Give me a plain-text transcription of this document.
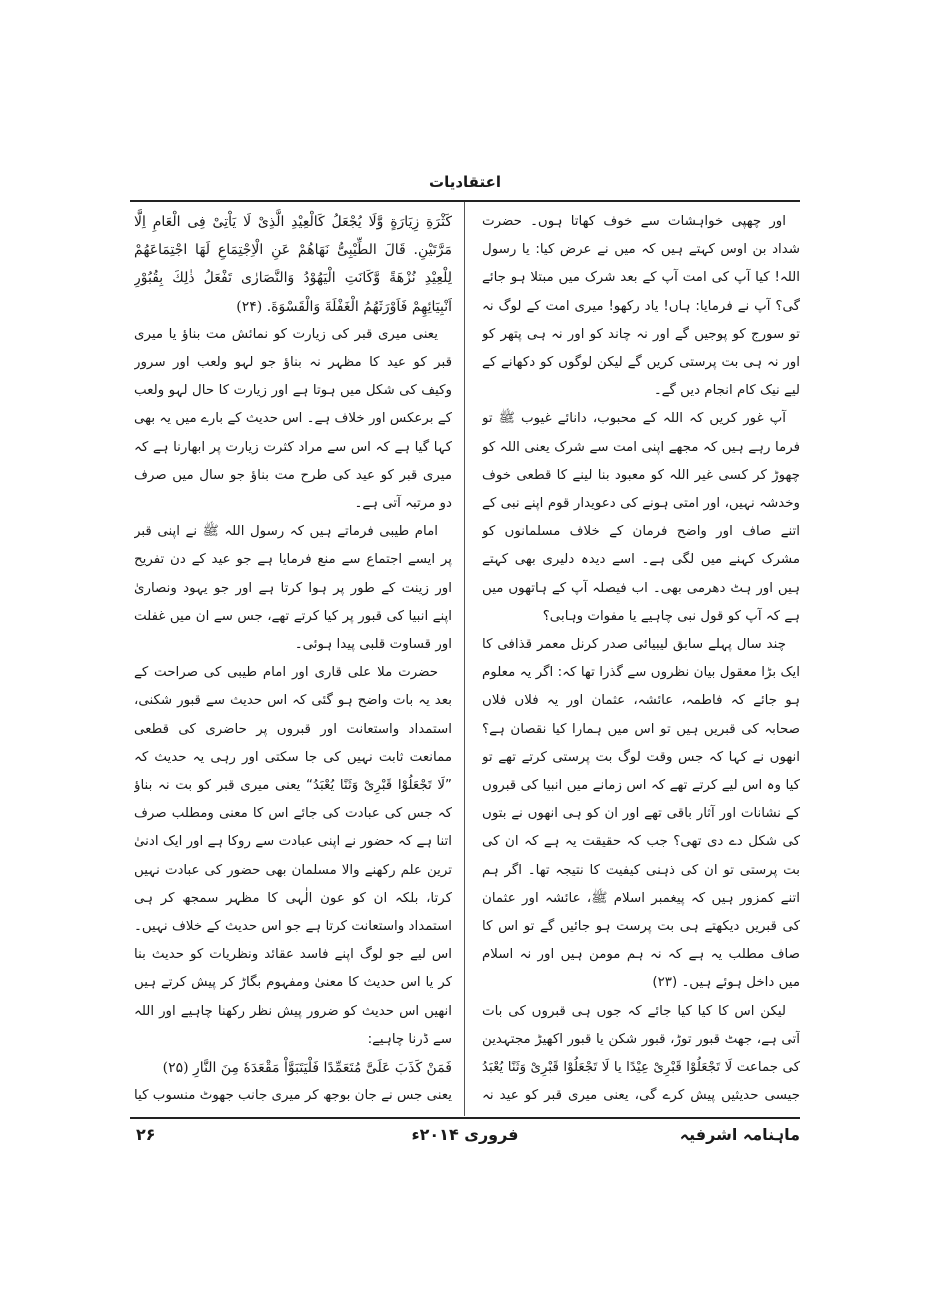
اعتقادیات

اور چھپی خواہشات سے خوف کھاتا ہوں۔ حضرت شداد بن اوس کہتے ہیں کہ میں نے عرض کیا: یا رسول اللہ! کیا آپ کی امت آپ کے بعد شرک میں مبتلا ہو جائے گی؟ آپ نے فرمایا: ہاں! یاد رکھو! میری امت کے لوگ نہ تو سورج کو پوجیں گے اور نہ چاند کو اور نہ ہی پتھر کو اور نہ ہی بت پرستی کریں گے لیکن لوگوں کو دکھانے کے لیے نیک کام انجام دیں گے۔

آپ غور کریں کہ اللہ کے محبوب، دانائے غیوب ﷺ تو فرما رہے ہیں کہ مجھے اپنی امت سے شرک یعنی اللہ کو چھوڑ کر کسی غیر اللہ کو معبود بنا لینے کا قطعی خوف وخدشہ نہیں، اور امتی ہونے کی دعویدار قوم اپنے نبی کے اتنے صاف اور واضح فرمان کے خلاف مسلمانوں کو مشرک کہنے میں لگی ہے۔ اسے دیدہ دلیری بھی کہتے ہیں اور ہٹ دھرمی بھی۔ اب فیصلہ آپ کے ہاتھوں میں ہے کہ آپ کو قول نبی چاہیے یا مفوات وہابی؟

چند سال پہلے سابق لیبیائی صدر کرنل معمر قذافی کا ایک بڑا معقول بیان نظروں سے گذرا تھا کہ: اگر یہ معلوم ہو جائے کہ فاطمہ، عائشہ، عثمان اور یہ فلاں فلاں صحابہ کی قبریں ہیں تو اس میں ہمارا کیا نقصان ہے؟ انھوں نے کہا کہ جس وقت لوگ بت پرستی کرتے تھے تو کیا وہ اس لیے کرتے تھے کہ اس زمانے میں انبیا کی قبروں کے نشانات اور آثار باقی تھے اور ان کو ہی انھوں نے بتوں کی شکل دے دی تھی؟ جب کہ حقیقت یہ ہے کہ ان کی بت پرستی تو ان کی ذہنی کیفیت کا نتیجہ تھا۔ اگر ہم اتنے کمزور ہیں کہ پیغمبر اسلام ﷺ، عائشہ اور عثمان کی قبریں دیکھتے ہی بت پرست ہو جائیں گے تو اس کا صاف مطلب یہ ہے کہ نہ ہم مومن ہیں اور نہ اسلام میں داخل ہوئے ہیں۔ (۲۳)

لیکن اس کا کیا کیا جائے کہ جوں ہی قبروں کی بات آتی ہے، جھٹ قبور توڑ، قبور شکن یا قبور اکھیڑ مجتہدین کی جماعت لَا تَجْعَلُوْا قَبْرِیْ عِیْدًا یا لَا تَجْعَلُوْا قَبْرِیْ وَثَنًا یُعْبَدُ جیسی حدیثیں پیش کرے گی، یعنی میری قبر کو عید نہ

كَثْرَةِ زِیَارَةٍ وَّلَا یُجْعَلُ كَالْعِیْدِ الَّذِیْ لَا یَاْتِیْ فِی الْعَامِ اِلَّا مَرَّتَیْنِ. قَالَ الطِّیْبِیُّ نَهَاهُمْ عَنِ الْاِجْتِمَاعِ لَهَا اجْتِمَاعَهُمْ لِلْعِیْدِ نُزْهَةً وَّكَانَتِ الْیَهُوْدُ وَالنَّصَارٰی تَفْعَلُ ذٰلِكَ بِقُبُوْرِ اَنْبِیَائِهِمْ فَاَوْرَثَهُمُ الْغَفْلَةَ وَالْقَسْوَةَ. (۲۴)

یعنی میری قبر کی زیارت کو نمائش مت بناؤ یا میری قبر کو عید کا مظہر نہ بناؤ جو لہو ولعب اور سرور وکیف کی شکل میں ہوتا ہے اور زیارت کا حال لہو ولعب کے برعکس اور خلاف ہے۔ اس حدیث کے بارے میں یہ بھی کہا گیا ہے کہ اس سے مراد کثرت زیارت پر ابھارنا ہے کہ میری قبر کو عید کی طرح مت بناؤ جو سال میں صرف دو مرتبہ آتی ہے۔

امام طیبی فرماتے ہیں کہ رسول اللہ ﷺ نے اپنی قبر پر ایسے اجتماع سے منع فرمایا ہے جو عید کے دن تفریح اور زینت کے طور پر ہوا کرتا ہے اور جو یہود ونصاریٰ اپنے انبیا کی قبور پر کیا کرتے تھے، جس سے ان میں غفلت اور قساوت قلبی پیدا ہوئی۔

حضرت ملا علی قاری اور امام طیبی کی صراحت کے بعد یہ بات واضح ہو گئی کہ اس حدیث سے قبور شکنی، استمداد واستعانت اور قبروں پر حاضری کی قطعی ممانعت ثابت نہیں کی جا سکتی اور رہی یہ حدیث کہ ”لَا تَجْعَلُوْا قَبْرِیْ وَثَنًا یُعْبَدُ“ یعنی میری قبر کو بت نہ بناؤ کہ جس کی عبادت کی جائے اس کا معنی ومطلب صرف اتنا ہے کہ حضور نے اپنی عبادت سے روکا ہے اور ایک ادنیٰ ترین علم رکھنے والا مسلمان بھی حضور کی عبادت نہیں کرتا، بلکہ ان کو عون الٰہی کا مظہر سمجھ کر ہی استمداد واستعانت کرتا ہے جو اس حدیث کے خلاف نہیں۔ اس لیے جو لوگ اپنے فاسد عقائد ونظریات کو حدیث بنا کر یا اس حدیث کا معنیٰ ومفہوم بگاڑ کر پیش کرتے ہیں انھیں اس حدیث کو ضرور پیش نظر رکھنا چاہیے اور اللہ سے ڈرنا چاہیے:

فَمَنْ كَذَبَ عَلَیَّ مُتَعَمِّدًا فَلْیَتَبَوَّاْ مَقْعَدَهٗ مِنَ النَّارِ (۲۵)

یعنی جس نے جان بوجھ کر میری جانب جھوٹ منسوب کیا

ماہنامہ اشرفیہ
فروری ۲۰۱۴ء
۲۶
